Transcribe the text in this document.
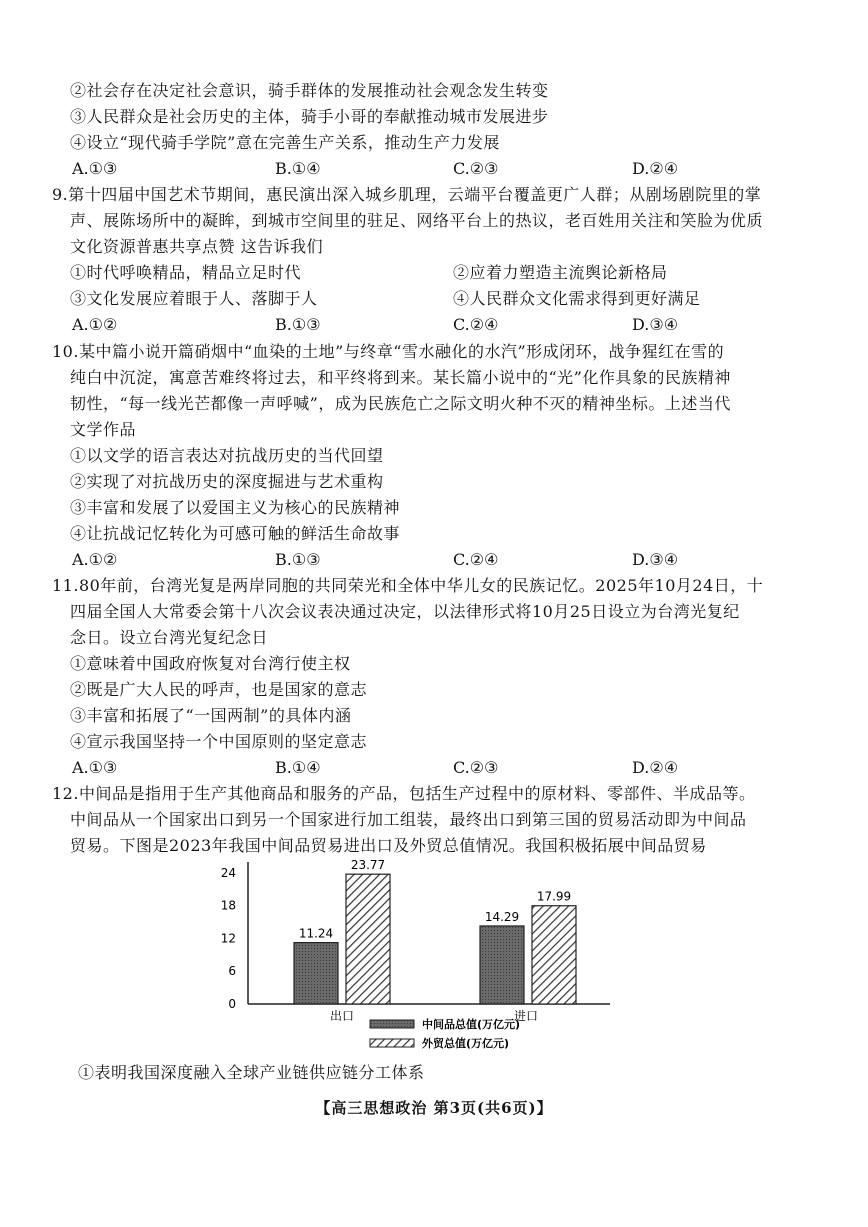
②社会存在决定社会意识，骑手群体的发展推动社会观念发生转变
③人民群众是社会历史的主体，骑手小哥的奉献推动城市发展进步
④设立“现代骑手学院”意在完善生产关系，推动生产力发展
A.①③	B.①④	C.②③	D.②④
9.第十四届中国艺术节期间，惠民演出深入城乡肌理，云端平台覆盖更广人群；从剧场剧院里的掌
声、展陈场所中的凝眸，到城市空间里的驻足、网络平台上的热议，老百姓用关注和笑脸为优质
文化资源普惠共享点赞 这告诉我们
①时代呼唤精品，精品立足时代	②应着力塑造主流舆论新格局
③文化发展应着眼于人、落脚于人	④人民群众文化需求得到更好满足
A.①②	B.①③	C.②④	D.③④
10.某中篇小说开篇硝烟中“血染的土地”与终章“雪水融化的水汽”形成闭环，战争猩红在雪的
纯白中沉淀，寓意苦难终将过去，和平终将到来。某长篇小说中的“光”化作具象的民族精神
韧性，“每一线光芒都像一声呼喊”，成为民族危亡之际文明火种不灭的精神坐标。上述当代
文学作品
①以文学的语言表达对抗战历史的当代回望
②实现了对抗战历史的深度掘进与艺术重构
③丰富和发展了以爱国主义为核心的民族精神
④让抗战记忆转化为可感可触的鲜活生命故事
A.①②	B.①③	C.②④	D.③④
11.80年前，台湾光复是两岸同胞的共同荣光和全体中华儿女的民族记忆。2025年10月24日，十
四届全国人大常委会第十八次会议表决通过决定，以法律形式将10月25日设立为台湾光复纪
念日。设立台湾光复纪念日
①意味着中国政府恢复对台湾行使主权
②既是广大人民的呼声，也是国家的意志
③丰富和拓展了“一国两制”的具体内涵
④宣示我国坚持一个中国原则的坚定意志
A.①③	B.①④	C.②③	D.②④
12.中间品是指用于生产其他商品和服务的产品，包括生产过程中的原材料、零部件、半成品等。
中间品从一个国家出口到另一个国家进行加工组装，最终出口到第三国的贸易活动即为中间品
贸易。下图是2023年我国中间品贸易进出口及外贸总值情况。我国积极拓展中间品贸易
0
6
12
18
24
11.24
23.77
14.29
17.99
出口	进口
中间品总值(万亿元)
外贸总值(万亿元)
①表明我国深度融入全球产业链供应链分工体系
【高三思想政治 第3页(共6页)】
